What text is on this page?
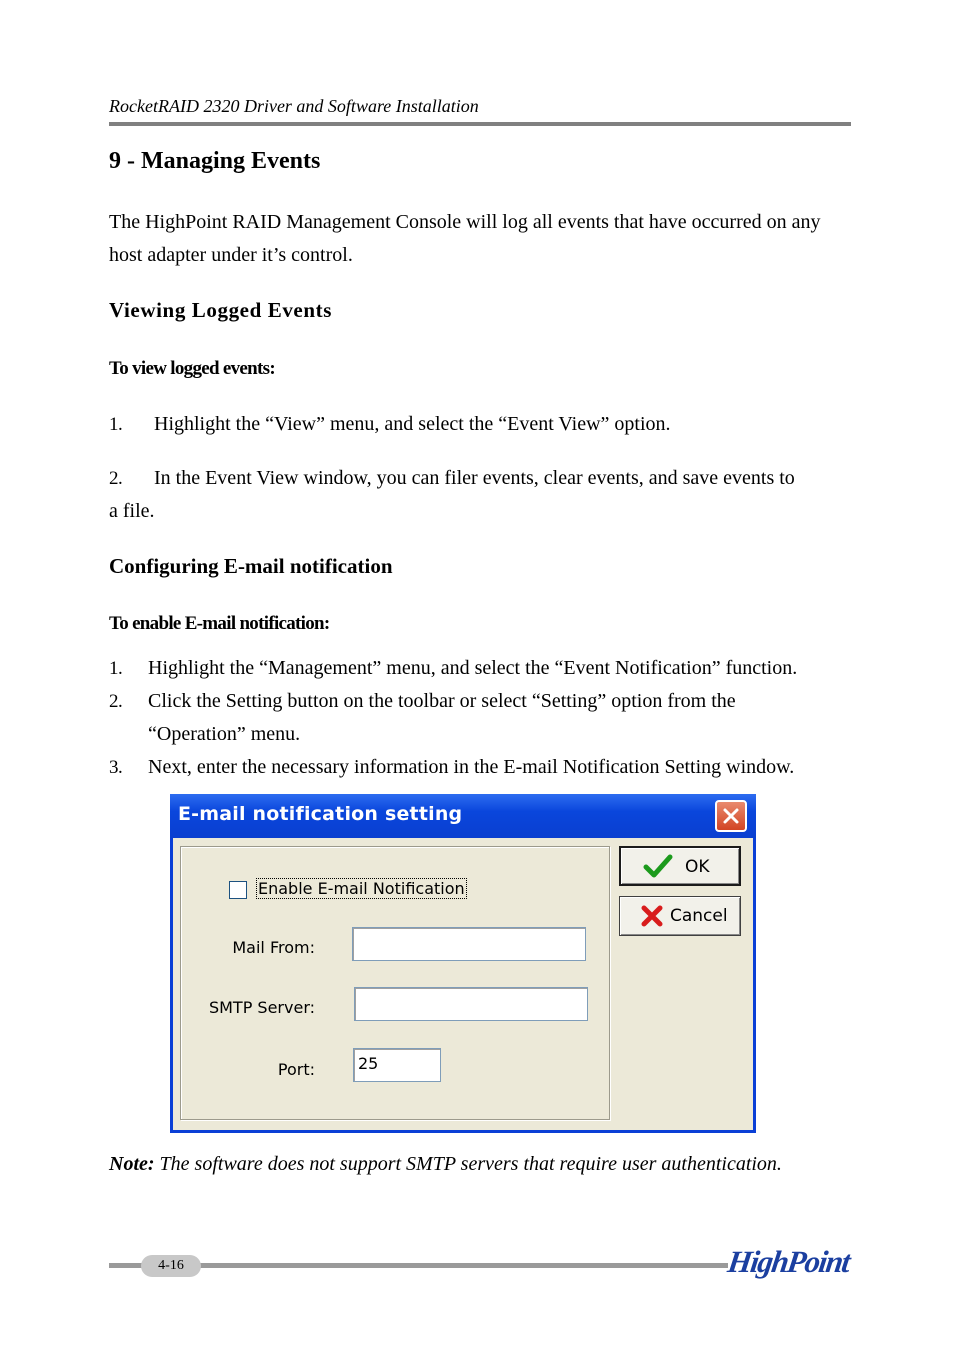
RocketRAID 2320 Driver and Software Installation
9 - Managing Events
The HighPoint RAID Management Console will log all events that have occurred on any host adapter under it’s control.
Viewing Logged Events
To view logged events:
1. Highlight the “View” menu, and select the “Event View” option.
2. In the Event View window, you can filer events, clear events, and save events to
a file.
Configuring E-mail notification
To enable E-mail notification:
1.	Highlight the “Management” menu, and select the “Event Notification” function.
2.	Click the Setting button on the toolbar or select “Setting” option from the “Operation” menu.
3.	Next, enter the necessary information in the E-mail Notification Setting window.
E-mail notification setting
Enable E-mail Notification
Mail From:
SMTP Server:
Port:	25
OK
Cancel
Note: The software does not support SMTP servers that require user authentication.
4-16	HighPoint
